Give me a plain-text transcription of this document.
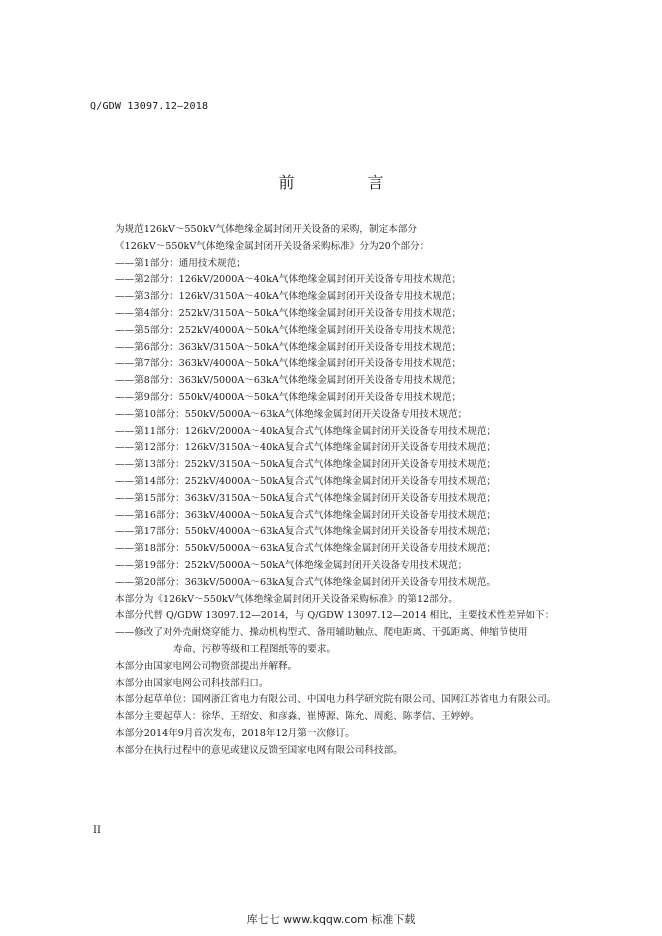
Q/GDW 13097.12—2018
前 言
为规范126kV～550kV气体绝缘金属封闭开关设备的采购，制定本部分
《126kV～550kV气体绝缘金属封闭开关设备采购标准》分为20个部分：
——第1部分：通用技术规范；
——第2部分：126kV/2000A～40kA气体绝缘金属封闭开关设备专用技术规范；
——第3部分：126kV/3150A～40kA气体绝缘金属封闭开关设备专用技术规范；
——第4部分：252kV/3150A～50kA气体绝缘金属封闭开关设备专用技术规范；
——第5部分：252kV/4000A～50kA气体绝缘金属封闭开关设备专用技术规范；
——第6部分：363kV/3150A～50kA气体绝缘金属封闭开关设备专用技术规范；
——第7部分：363kV/4000A～50kA气体绝缘金属封闭开关设备专用技术规范；
——第8部分：363kV/5000A～63kA气体绝缘金属封闭开关设备专用技术规范；
——第9部分：550kV/4000A～50kA气体绝缘金属封闭开关设备专用技术规范；
——第10部分：550kV/5000A～63kA气体绝缘金属封闭开关设备专用技术规范；
——第11部分：126kV/2000A～40kA复合式气体绝缘金属封闭开关设备专用技术规范；
——第12部分：126kV/3150A～40kA复合式气体绝缘金属封闭开关设备专用技术规范；
——第13部分：252kV/3150A～50kA复合式气体绝缘金属封闭开关设备专用技术规范；
——第14部分：252kV/4000A～50kA复合式气体绝缘金属封闭开关设备专用技术规范；
——第15部分：363kV/3150A～50kA复合式气体绝缘金属封闭开关设备专用技术规范；
——第16部分：363kV/4000A～50kA复合式气体绝缘金属封闭开关设备专用技术规范；
——第17部分：550kV/4000A～63kA复合式气体绝缘金属封闭开关设备专用技术规范；
——第18部分：550kV/5000A～63kA复合式气体绝缘金属封闭开关设备专用技术规范；
——第19部分：252kV/5000A～50kA气体绝缘金属封闭开关设备专用技术规范；
——第20部分：363kV/5000A～63kA复合式气体绝缘金属封闭开关设备专用技术规范。
本部分为《126kV～550kV气体绝缘金属封闭开关设备采购标准》的第12部分。
本部分代替 Q/GDW 13097.12—2014，与 Q/GDW 13097.12—2014 相比，主要技术性差异如下：
——修改了对外壳耐烧穿能力、操动机构型式、备用辅助触点、爬电距离、干弧距离、伸缩节使用
寿命、污秽等级和工程图纸等的要求。
本部分由国家电网公司物资部提出并解释。
本部分由国家电网公司科技部归口。
本部分起草单位：国网浙江省电力有限公司、中国电力科学研究院有限公司、国网江苏省电力有限公司。
本部分主要起草人：徐华、王绍安、和彦淼、崔博源、陈允、周彪、陈孝信、王婷婷。
本部分2014年9月首次发布，2018年12月第一次修订。
本部分在执行过程中的意见或建议反馈至国家电网有限公司科技部。
II
库七七 www.kqqw.com 标准下载
